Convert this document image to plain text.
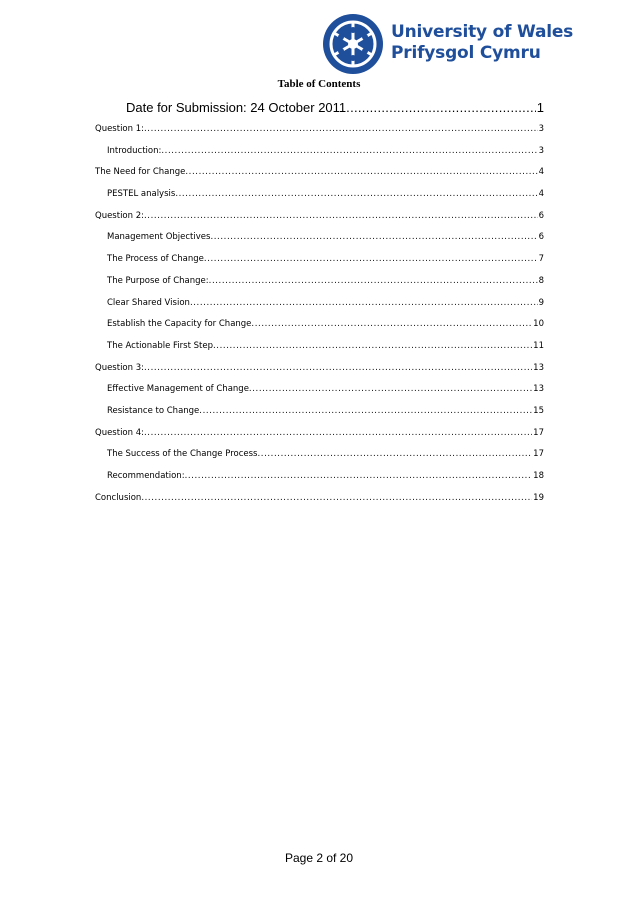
University of Wales
Prifysgol Cymru
Table of Contents
Date for Submission: 24 October 2011 .....	1
Question 1: .....	3
Introduction: .....	3
The Need for Change .....	4
PESTEL analysis .....	4
Question 2: .....	6
Management Objectives .....	6
The Process of Change .....	7
The Purpose of Change: .....	8
Clear Shared Vision .....	9
Establish the Capacity for Change .....	10
The Actionable First Step .....	11
Question 3: .....	13
Effective Management of Change .....	13
Resistance to Change .....	15
Question 4: .....	17
The Success of the Change Process .....	17
Recommendation: .....	18
Conclusion .....	19
Page 2 of 20
